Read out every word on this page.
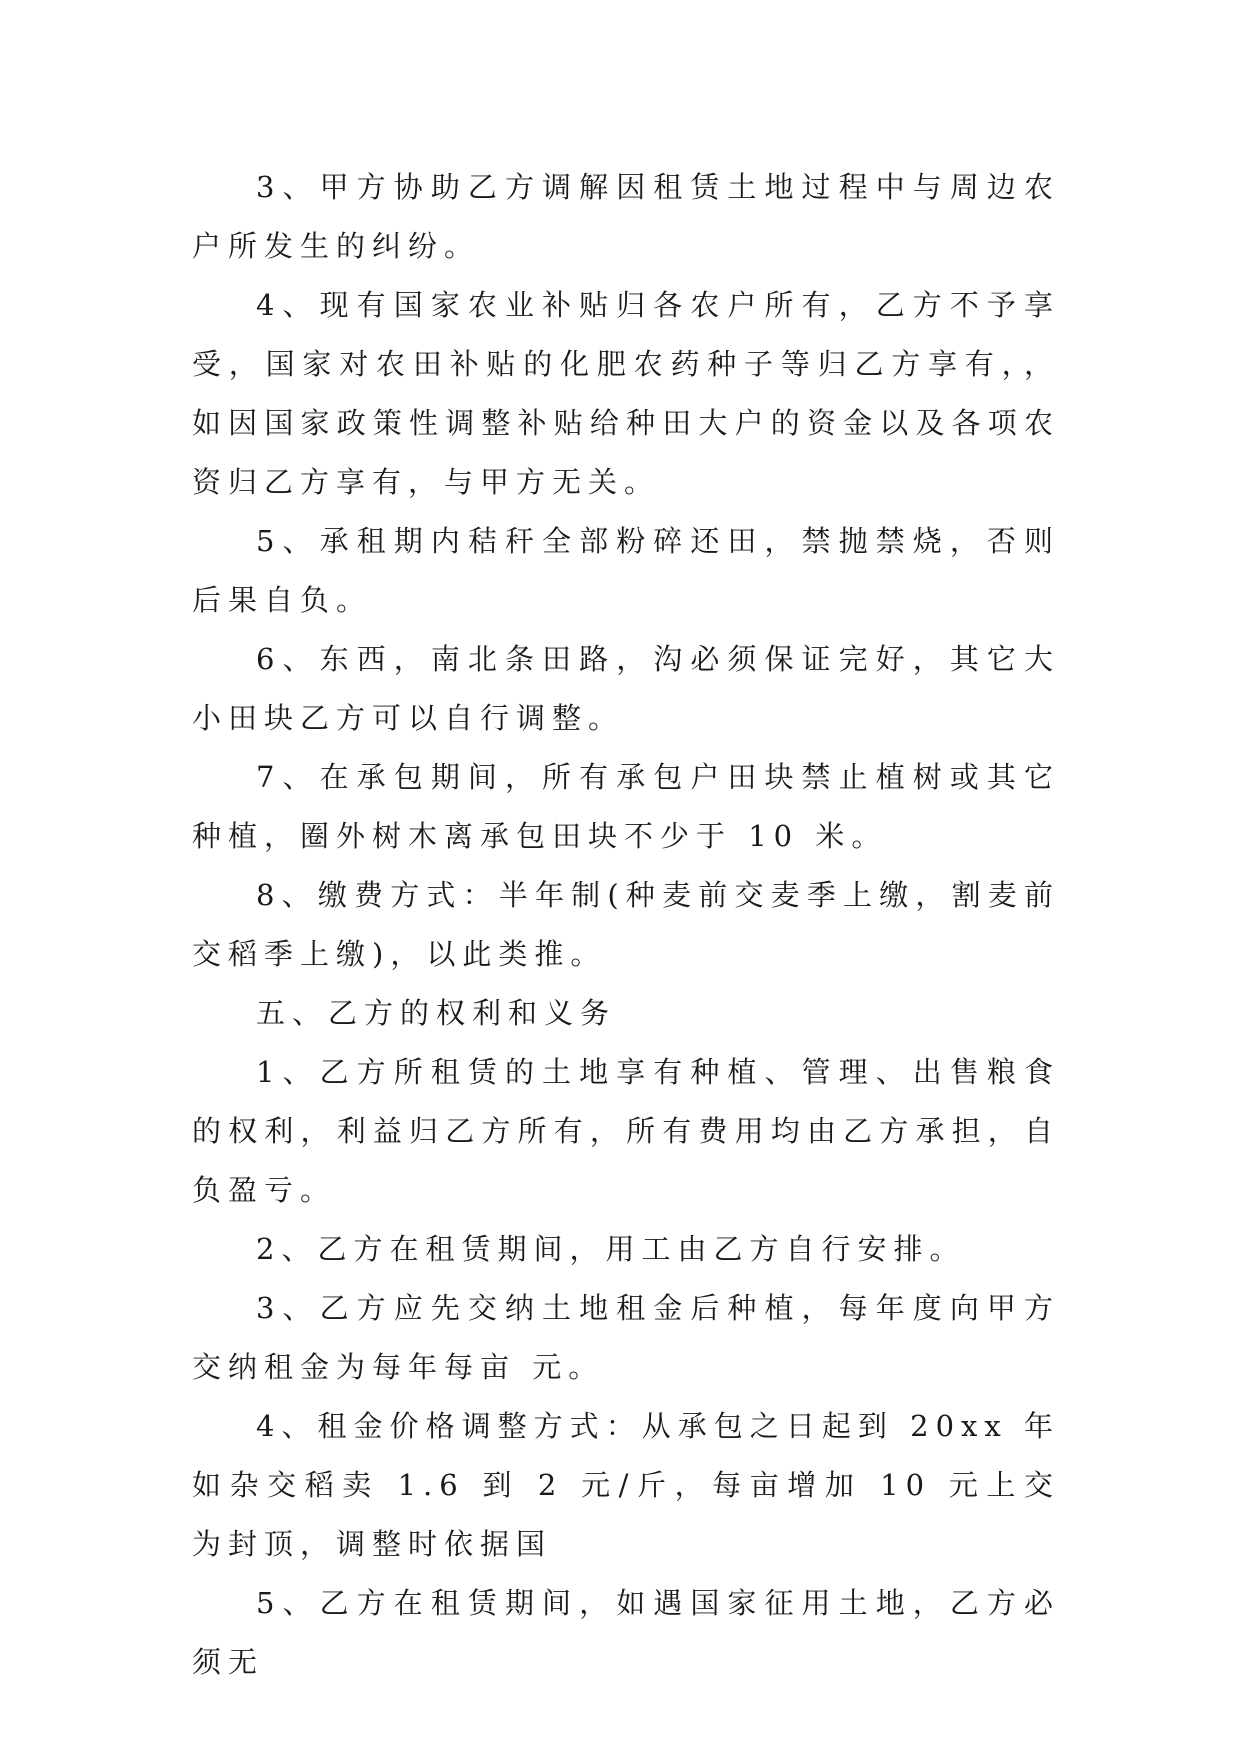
3、甲方协助乙方调解因租赁土地过程中与周边农户所发生的纠纷。

4、现有国家农业补贴归各农户所有，乙方不予享受，国家对农田补贴的化肥农药种子等归乙方享有，，如因国家政策性调整补贴给种田大户的资金以及各项农资归乙方享有，与甲方无关。

5、承租期内秸秆全部粉碎还田，禁抛禁烧，否则后果自负。

6、东西，南北条田路，沟必须保证完好，其它大小田块乙方可以自行调整。

7、在承包期间，所有承包户田块禁止植树或其它种植，圈外树木离承包田块不少于 10 米。

8、缴费方式：半年制(种麦前交麦季上缴，割麦前交稻季上缴)，以此类推。

五、乙方的权利和义务

1、乙方所租赁的土地享有种植、管理、出售粮食的权利，利益归乙方所有，所有费用均由乙方承担，自负盈亏。

2、乙方在租赁期间，用工由乙方自行安排。

3、乙方应先交纳土地租金后种植，每年度向甲方交纳租金为每年每亩 元。

4、租金价格调整方式：从承包之日起到 20xx 年如杂交稻卖 1.6 到 2 元/斤，每亩增加 10 元上交为封顶，调整时依据国

5、乙方在租赁期间，如遇国家征用土地，乙方必须无
